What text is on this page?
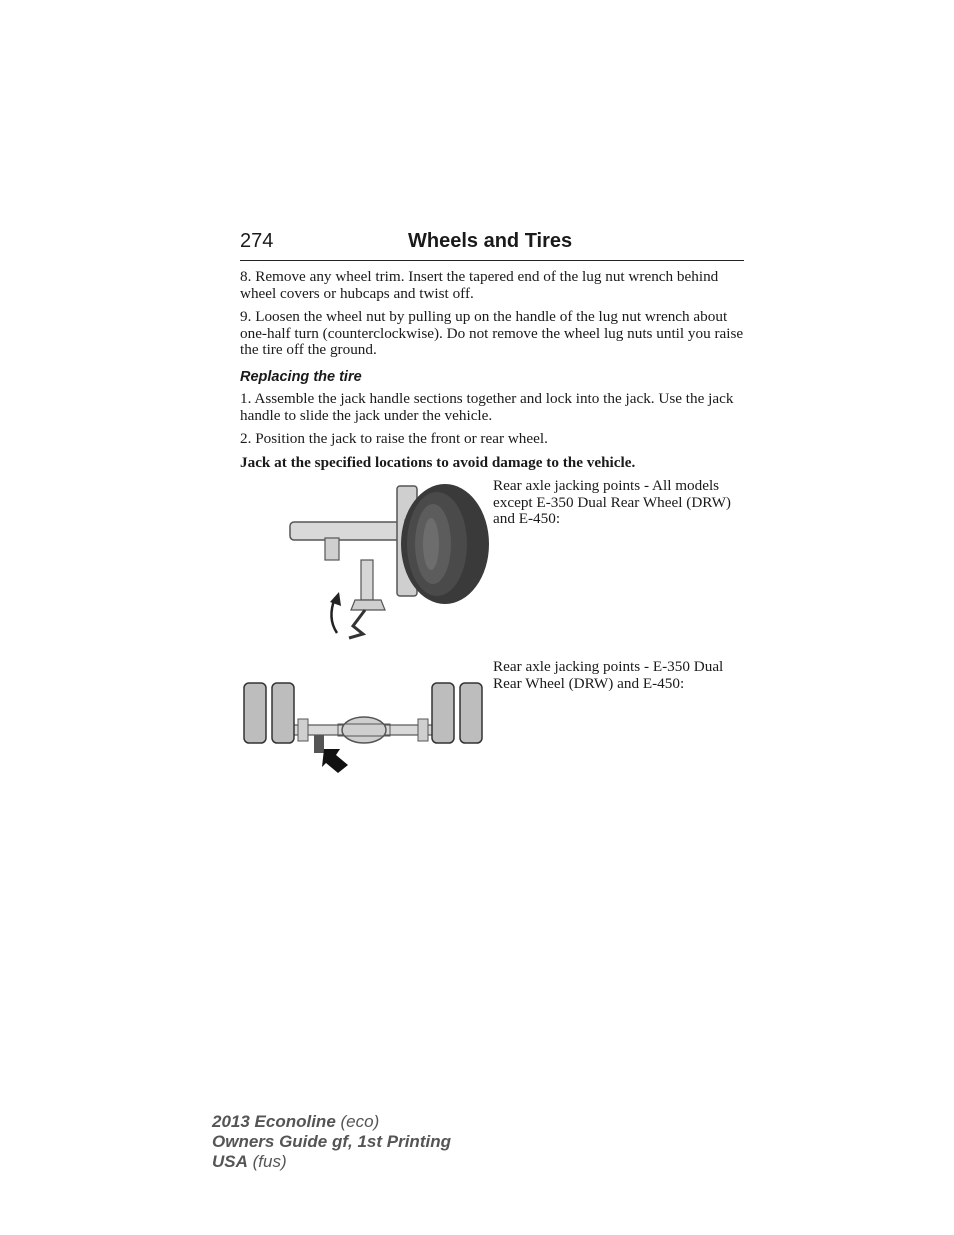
274	Wheels and Tires

8. Remove any wheel trim. Insert the tapered end of the lug nut wrench behind wheel covers or hubcaps and twist off.

9. Loosen the wheel nut by pulling up on the handle of the lug nut wrench about one-half turn (counterclockwise). Do not remove the wheel lug nuts until you raise the tire off the ground.

Replacing the tire

1. Assemble the jack handle sections together and lock into the jack. Use the jack handle to slide the jack under the vehicle.

2. Position the jack to raise the front or rear wheel.

Jack at the specified locations to avoid damage to the vehicle.

Rear axle jacking points - All models except E-350 Dual Rear Wheel (DRW) and E-450:
Rear axle jacking points - E-350 Dual Rear Wheel (DRW) and E-450:
2013 Econoline (eco)
Owners Guide gf, 1st Printing
USA (fus)
